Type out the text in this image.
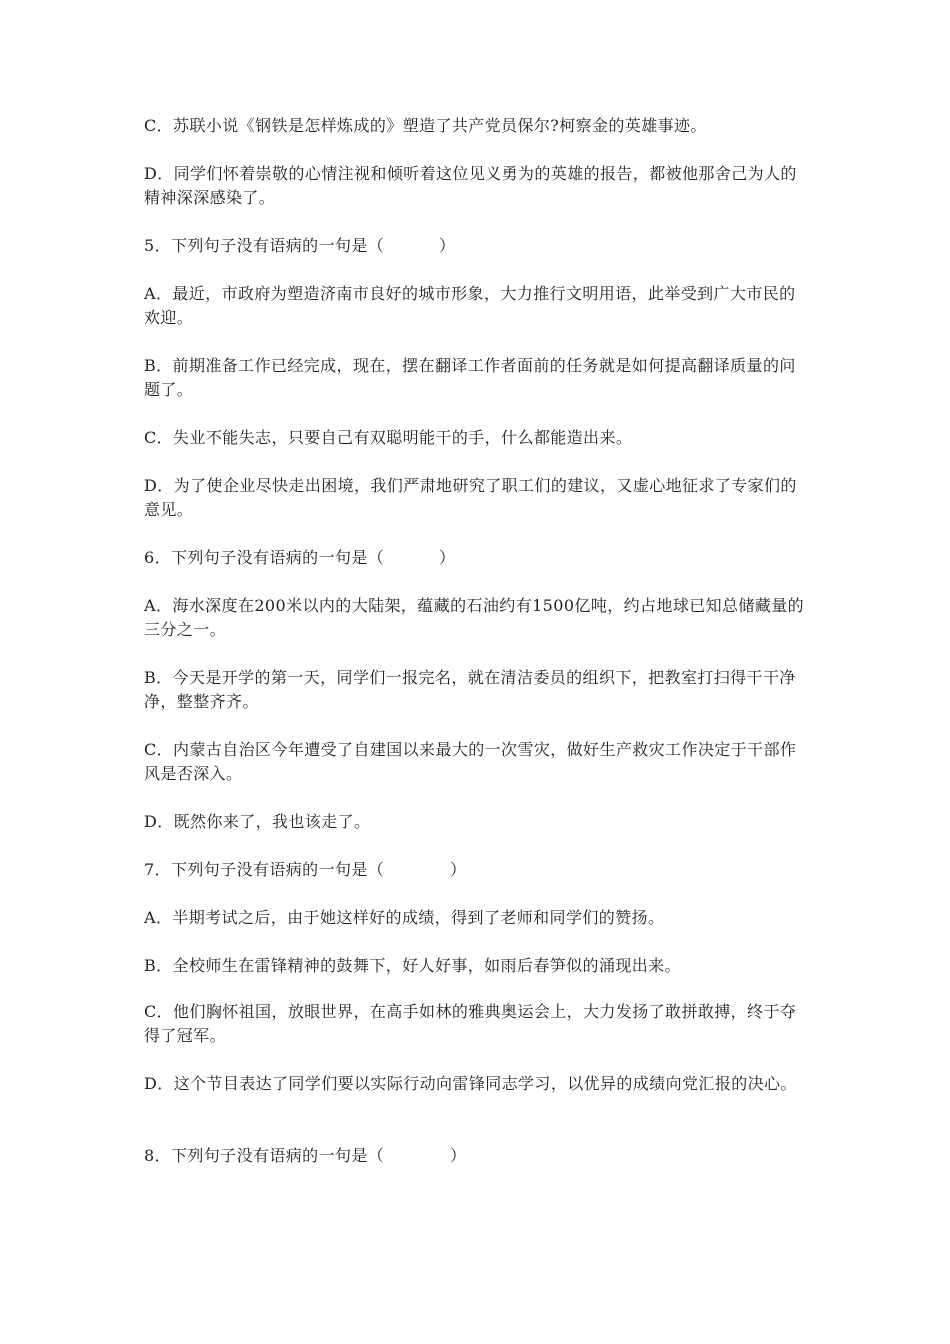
C．苏联小说《钢铁是怎样炼成的》塑造了共产党员保尔?柯察金的英雄事迹。

D．同学们怀着崇敬的心情注视和倾听着这位见义勇为的英雄的报告，都被他那舍己为人的精神深深感染了。

5．下列句子没有语病的一句是（          ）

A．最近，市政府为塑造济南市良好的城市形象，大力推行文明用语，此举受到广大市民的欢迎。

B．前期准备工作已经完成，现在，摆在翻译工作者面前的任务就是如何提高翻译质量的问题了。

C．失业不能失志，只要自己有双聪明能干的手，什么都能造出来。

D．为了使企业尽快走出困境，我们严肃地研究了职工们的建议，又虚心地征求了专家们的意见。

6．下列句子没有语病的一句是（          ）

A．海水深度在200米以内的大陆架，蕴藏的石油约有1500亿吨，约占地球已知总储藏量的三分之一。

B．今天是开学的第一天，同学们一报完名，就在清洁委员的组织下，把教室打扫得干干净净，整整齐齐。

C．内蒙古自治区今年遭受了自建国以来最大的一次雪灾，做好生产救灾工作决定于干部作风是否深入。

D．既然你来了，我也该走了。

7．下列句子没有语病的一句是（            ）

A．半期考试之后，由于她这样好的成绩，得到了老师和同学们的赞扬。

B．全校师生在雷锋精神的鼓舞下，好人好事，如雨后春笋似的涌现出来。

C．他们胸怀祖国，放眼世界，在高手如林的雅典奥运会上，大力发扬了敢拼敢搏，终于夺得了冠军。

D．这个节目表达了同学们要以实际行动向雷锋同志学习，以优异的成绩向党汇报的决心。

8．下列句子没有语病的一句是（            ）
